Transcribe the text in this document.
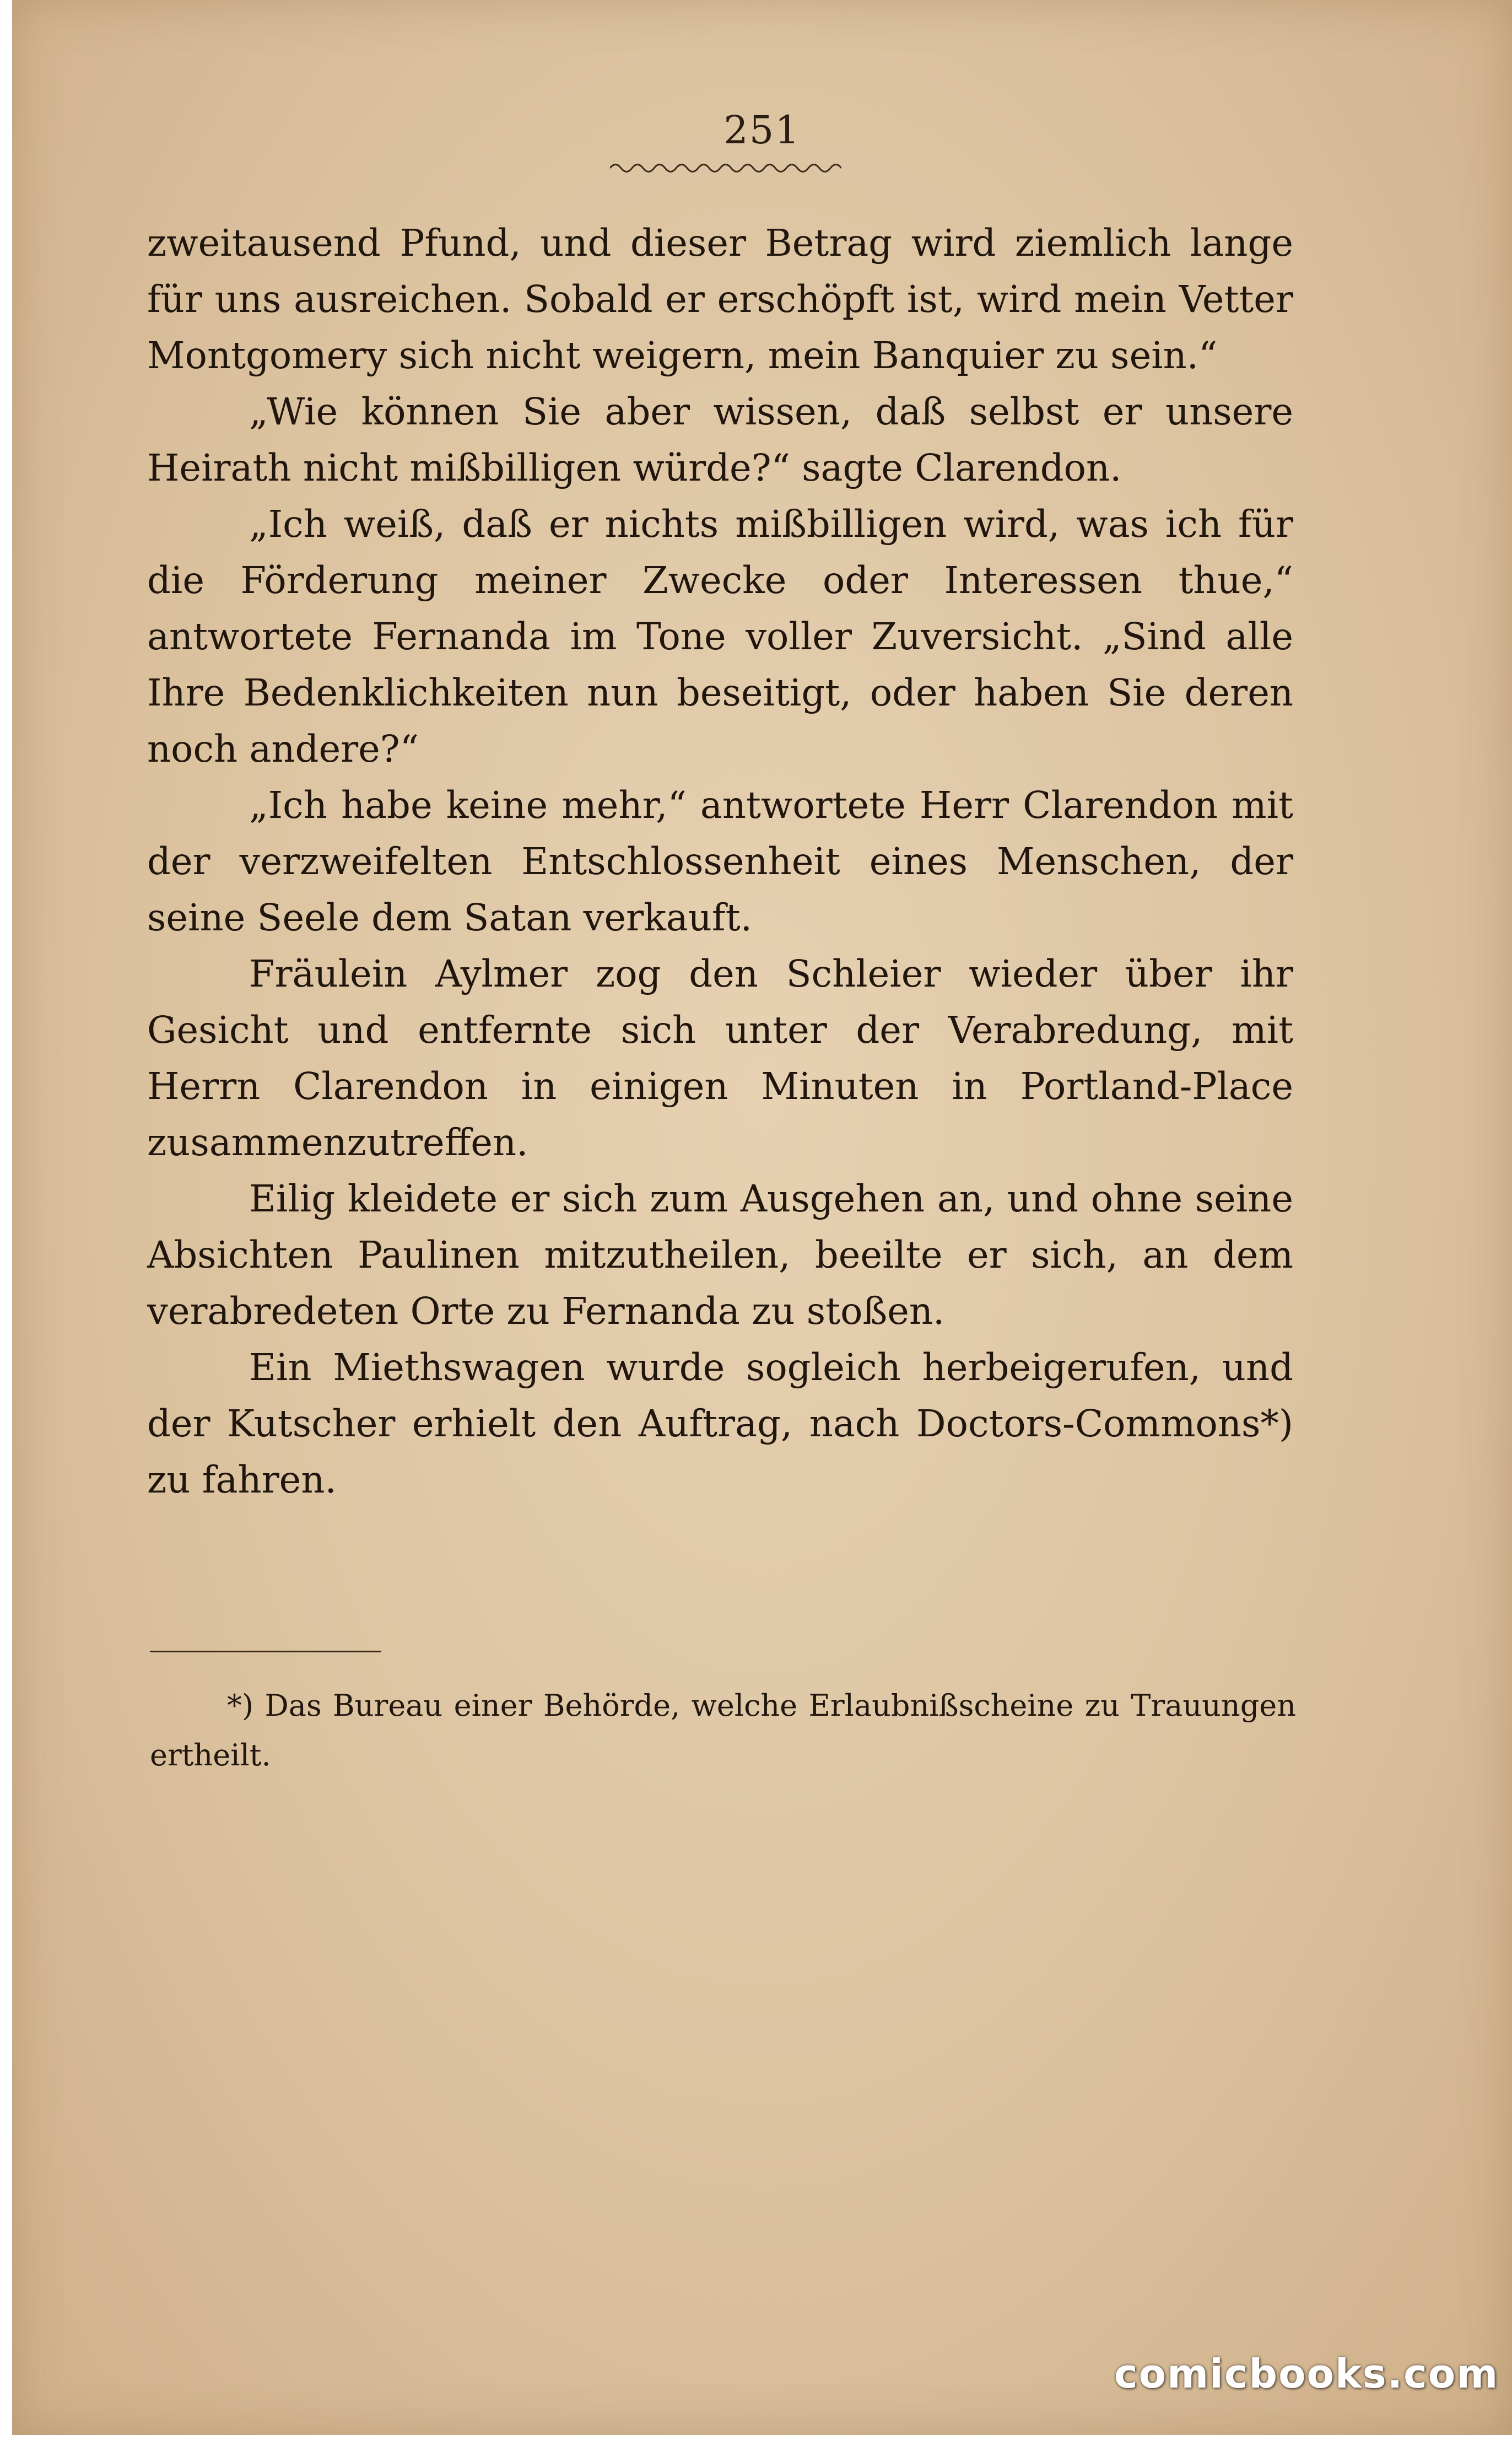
251

zweitausend Pfund, und dieser Betrag wird ziemlich lange für uns ausreichen. Sobald er erschöpft ist, wird mein Vetter Montgomery sich nicht weigern, mein Banquier zu sein.“

„Wie können Sie aber wissen, daß selbst er unsere Heirath nicht mißbilligen würde?“ sagte Clarendon.

„Ich weiß, daß er nichts mißbilligen wird, was ich für die Förderung meiner Zwecke oder Interessen thue,“ antwortete Fernanda im Tone voller Zuversicht. „Sind alle Ihre Bedenklichkeiten nun beseitigt, oder haben Sie deren noch andere?“

„Ich habe keine mehr,“ antwortete Herr Clarendon mit der verzweifelten Entschlossenheit eines Menschen, der seine Seele dem Satan verkauft.

Fräulein Aylmer zog den Schleier wieder über ihr Gesicht und entfernte sich unter der Verabredung, mit Herrn Clarendon in einigen Minuten in Portland-Place zusammenzutreffen.

Eilig kleidete er sich zum Ausgehen an, und ohne seine Absichten Paulinen mitzutheilen, beeilte er sich, an dem verabredeten Orte zu Fernanda zu stoßen.

Ein Miethswagen wurde sogleich herbeigerufen, und der Kutscher erhielt den Auftrag, nach Doctors-Commons*) zu fahren.

*) Das Bureau einer Behörde, welche Erlaubnißscheine zu Trauungen ertheilt.
comicbooks.com
